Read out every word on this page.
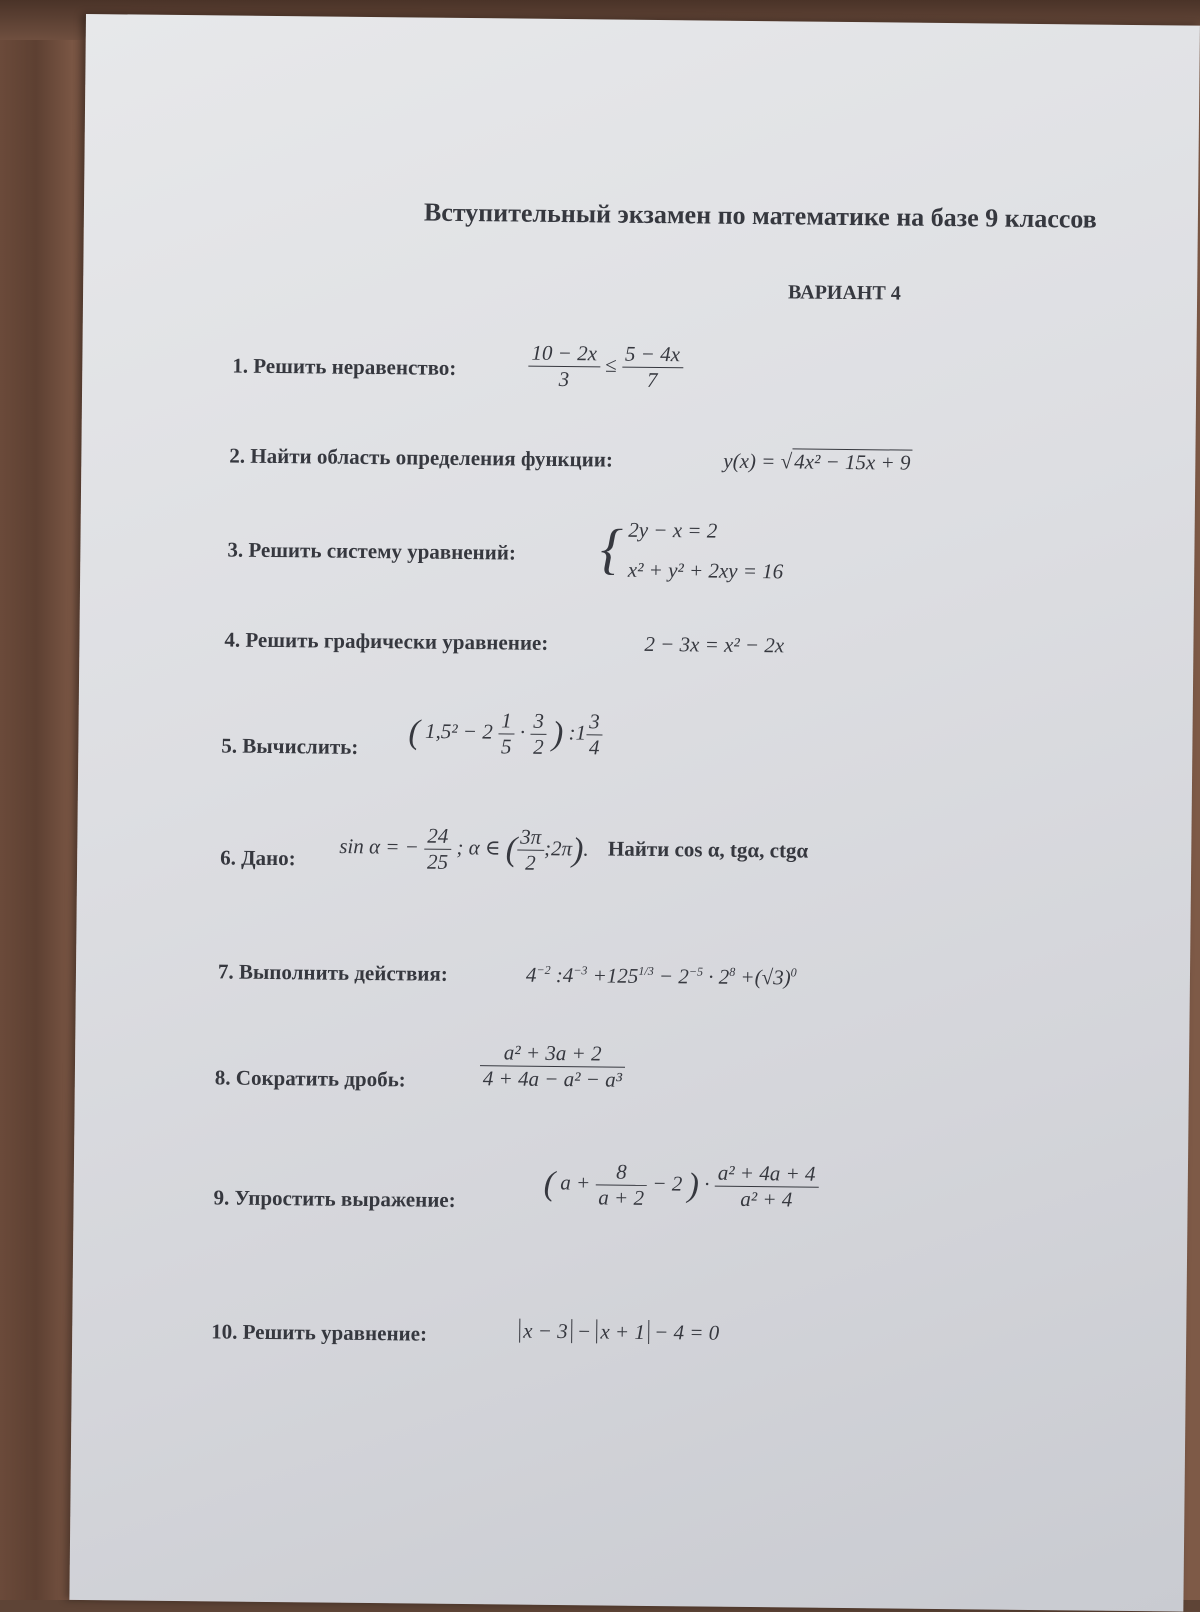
Вступительный экзамен по математике на базе 9 классов
ВАРИАНТ 4
1. Решить неравенство:	$\frac{10 - 2x}{3} \le \frac{5 - 4x}{7}$
2. Найти область определения функции:	y(x) = √4x² − 15x + 9
3. Решить систему уравнений: { 2y − x = 2
x² + y² + 2xy = 16
4. Решить графически уравнение:	2 − 3x = x² − 2x
5. Вычислить: ( $1,5^2 - 2 \frac{1}{5} \cdot \frac{3}{2}$ ) :1 $\frac{3}{4}$
6. Дано: sin α = − $\frac{24}{25}$ ; α ∈ ( $\frac{3\pi}{2}$ ;2π). Найти cos α, tgα, ctgα
7. Выполнить действия:	$4^{-2}$ $:4^{-3} +125^{1/3} - 2^{-5} \cdot 2^8 +(√3)^0$
8. Сократить дробь:	$\frac{\text{a² + 3a + 2}}{\text{4 + 4a − a² − a³}}$
9. Упростить выражение:	( $a + \frac{8}{a + 2} - 2$ ) · $\frac{\text{a² + 4a + 4}}{\text{a² + 4}}$
10. Решить уравнение:	x − 3 − x + 1 − 4 = 0
